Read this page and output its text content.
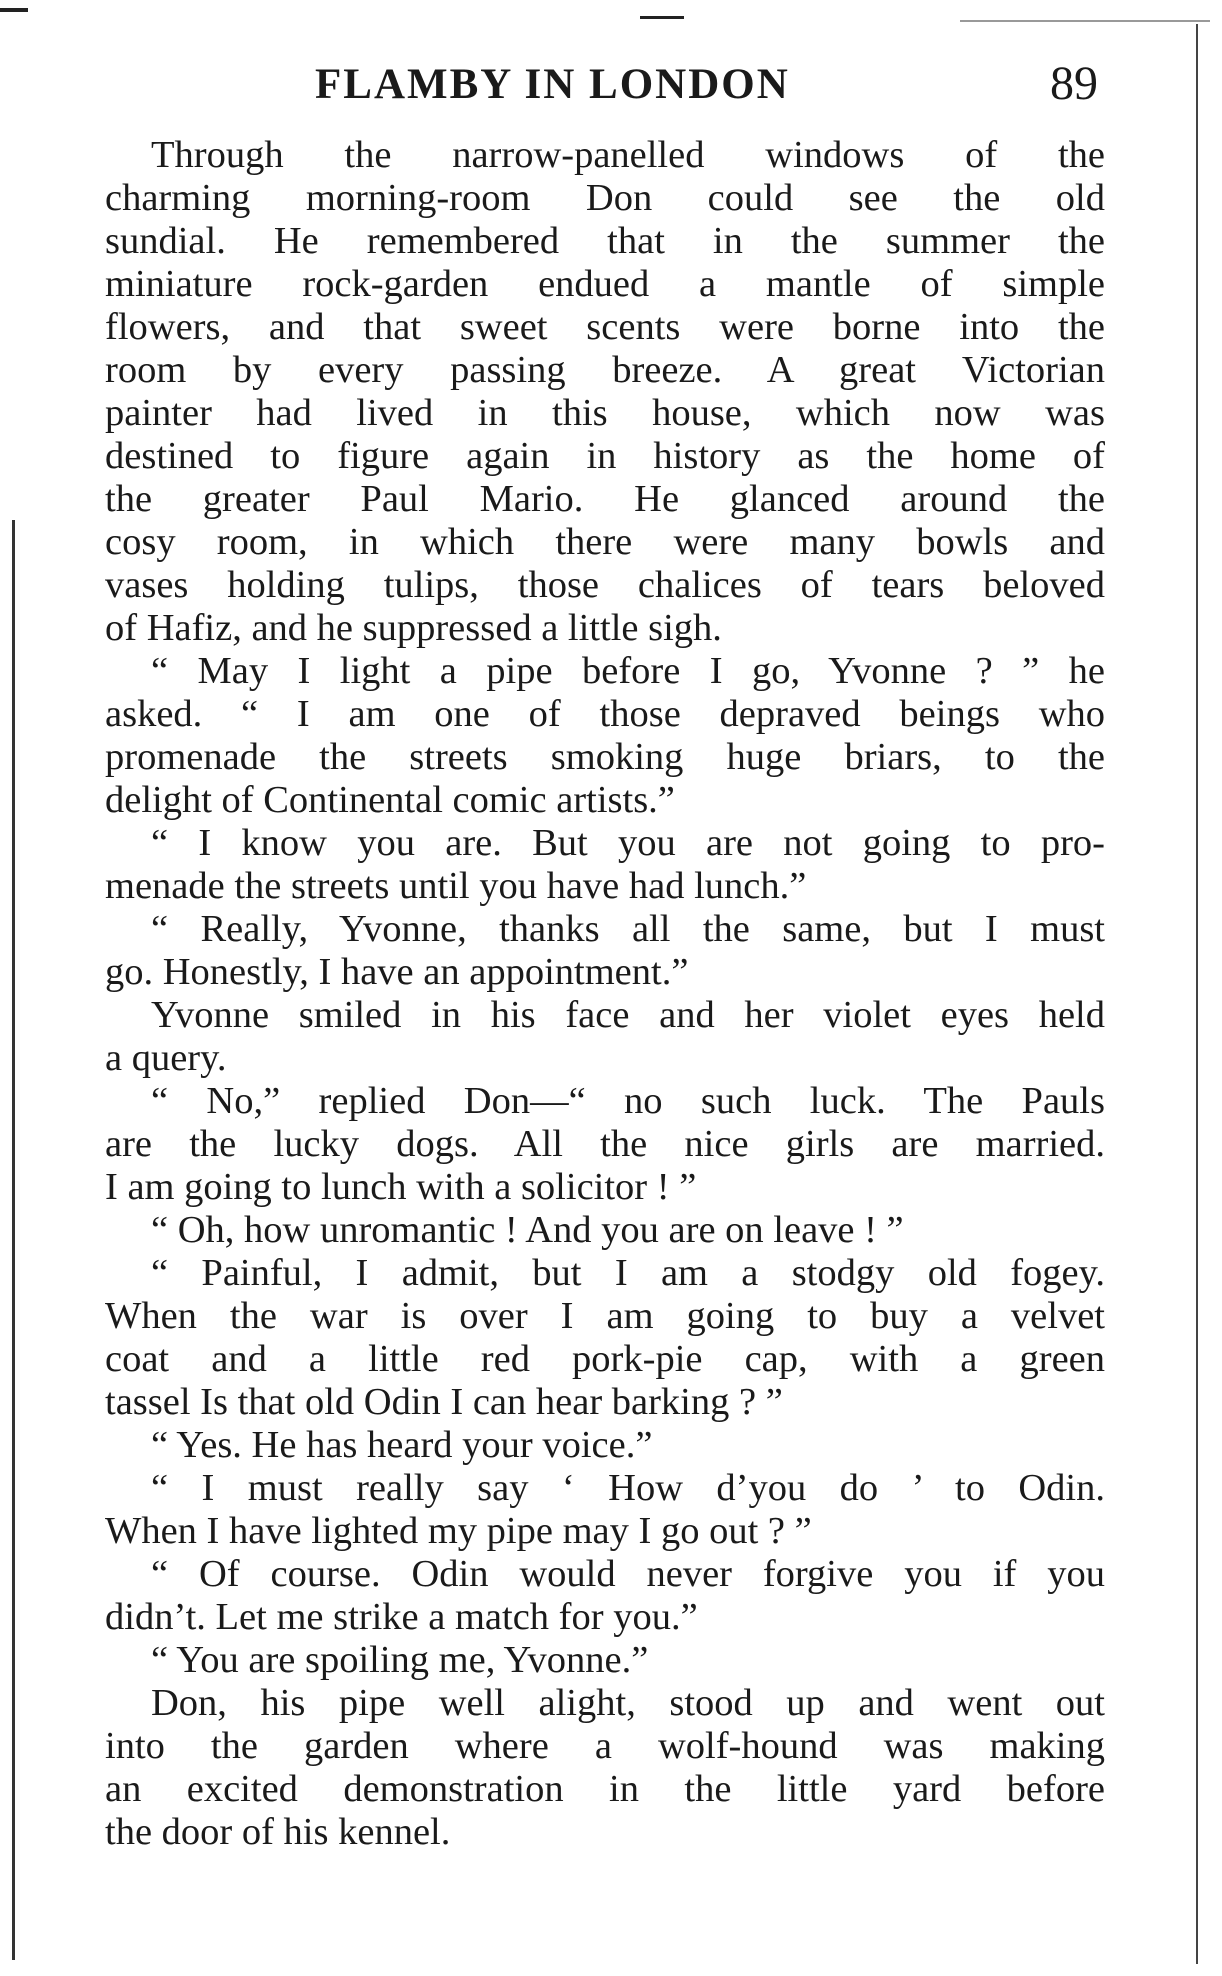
FLAMBY IN LONDON	89
Through the narrow-panelled windows of the
charming morning-room Don could see the old
sundial. He remembered that in the summer the
miniature rock-garden endued a mantle of simple
flowers, and that sweet scents were borne into the
room by every passing breeze. A great Victorian
painter had lived in this house, which now was
destined to figure again in history as the home of
the greater Paul Mario. He glanced around the
cosy room, in which there were many bowls and
vases holding tulips, those chalices of tears beloved
of Hafiz, and he suppressed a little sigh.
“ May I light a pipe before I go, Yvonne ? ” he
asked. “ I am one of those depraved beings who
promenade the streets smoking huge briars, to the
delight of Continental comic artists.”
“ I know you are. But you are not going to pro-
menade the streets until you have had lunch.”
“ Really, Yvonne, thanks all the same, but I must
go. Honestly, I have an appointment.”
Yvonne smiled in his face and her violet eyes held
a query.
“ No,” replied Don—“ no such luck. The Pauls
are the lucky dogs. All the nice girls are married.
I am going to lunch with a solicitor ! ”
“ Oh, how unromantic ! And you are on leave ! ”
“ Painful, I admit, but I am a stodgy old fogey.
When the war is over I am going to buy a velvet
coat and a little red pork-pie cap, with a green
tassel Is that old Odin I can hear barking ? ”
“ Yes. He has heard your voice.”
“ I must really say ‘ How d’you do ’ to Odin.
When I have lighted my pipe may I go out ? ”
“ Of course. Odin would never forgive you if you
didn’t. Let me strike a match for you.”
“ You are spoiling me, Yvonne.”
Don, his pipe well alight, stood up and went out
into the garden where a wolf-hound was making
an excited demonstration in the little yard before
the door of his kennel.
